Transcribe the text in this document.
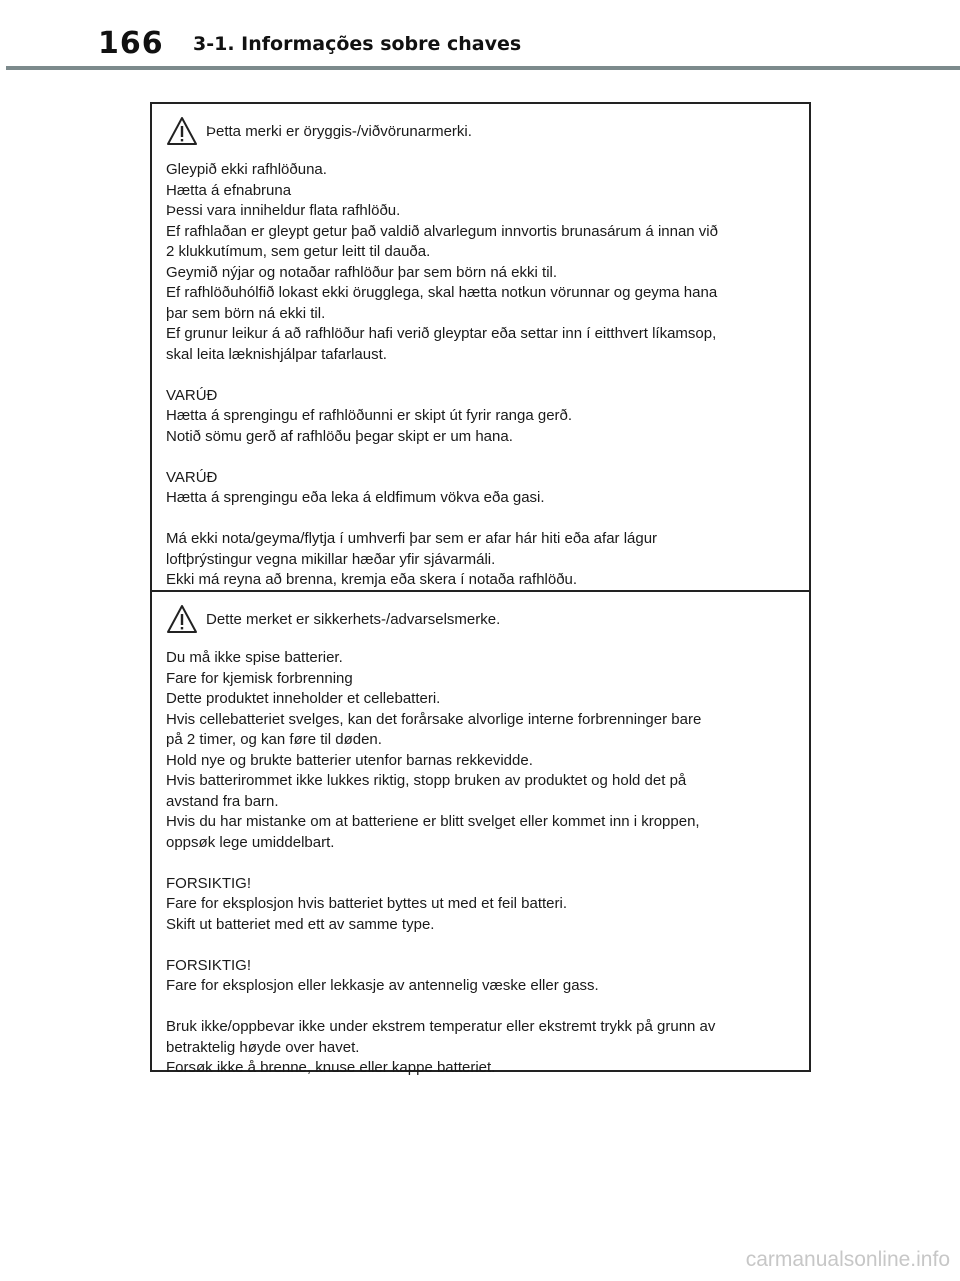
166 3-1. Informações sobre chaves
Þetta merki er öryggis-/viðvörunarmerki.
Gleypið ekki rafhlöðuna.
Hætta á efnabruna
Þessi vara inniheldur flata rafhlöðu.
Ef rafhlaðan er gleypt getur það valdið alvarlegum innvortis brunasárum á innan við
2 klukkutímum, sem getur leitt til dauða.
Geymið nýjar og notaðar rafhlöður þar sem börn ná ekki til.
Ef rafhlöðuhólfið lokast ekki örugglega, skal hætta notkun vörunnar og geyma hana
þar sem börn ná ekki til.
Ef grunur leikur á að rafhlöður hafi verið gleyptar eða settar inn í eitthvert líkamsop,
skal leita læknishjálpar tafarlaust.
VARÚÐ
Hætta á sprengingu ef rafhlöðunni er skipt út fyrir ranga gerð.
Notið sömu gerð af rafhlöðu þegar skipt er um hana.
VARÚÐ
Hætta á sprengingu eða leka á eldfimum vökva eða gasi.
Má ekki nota/geyma/flytja í umhverfi þar sem er afar hár hiti eða afar lágur
loftþrýstingur vegna mikillar hæðar yfir sjávarmáli.
Ekki má reyna að brenna, kremja eða skera í notaða rafhlöðu.
Dette merket er sikkerhets-/advarselsmerke.
Du må ikke spise batterier.
Fare for kjemisk forbrenning
Dette produktet inneholder et cellebatteri.
Hvis cellebatteriet svelges, kan det forårsake alvorlige interne forbrenninger bare
på 2 timer, og kan føre til døden.
Hold nye og brukte batterier utenfor barnas rekkevidde.
Hvis batterirommet ikke lukkes riktig, stopp bruken av produktet og hold det på
avstand fra barn.
Hvis du har mistanke om at batteriene er blitt svelget eller kommet inn i kroppen,
oppsøk lege umiddelbart.
FORSIKTIG!
Fare for eksplosjon hvis batteriet byttes ut med et feil batteri.
Skift ut batteriet med ett av samme type.
FORSIKTIG!
Fare for eksplosjon eller lekkasje av antennelig væske eller gass.
Bruk ikke/oppbevar ikke under ekstrem temperatur eller ekstremt trykk på grunn av
betraktelig høyde over havet.
Forsøk ikke å brenne, knuse eller kappe batteriet.
carmanualsonline.info
